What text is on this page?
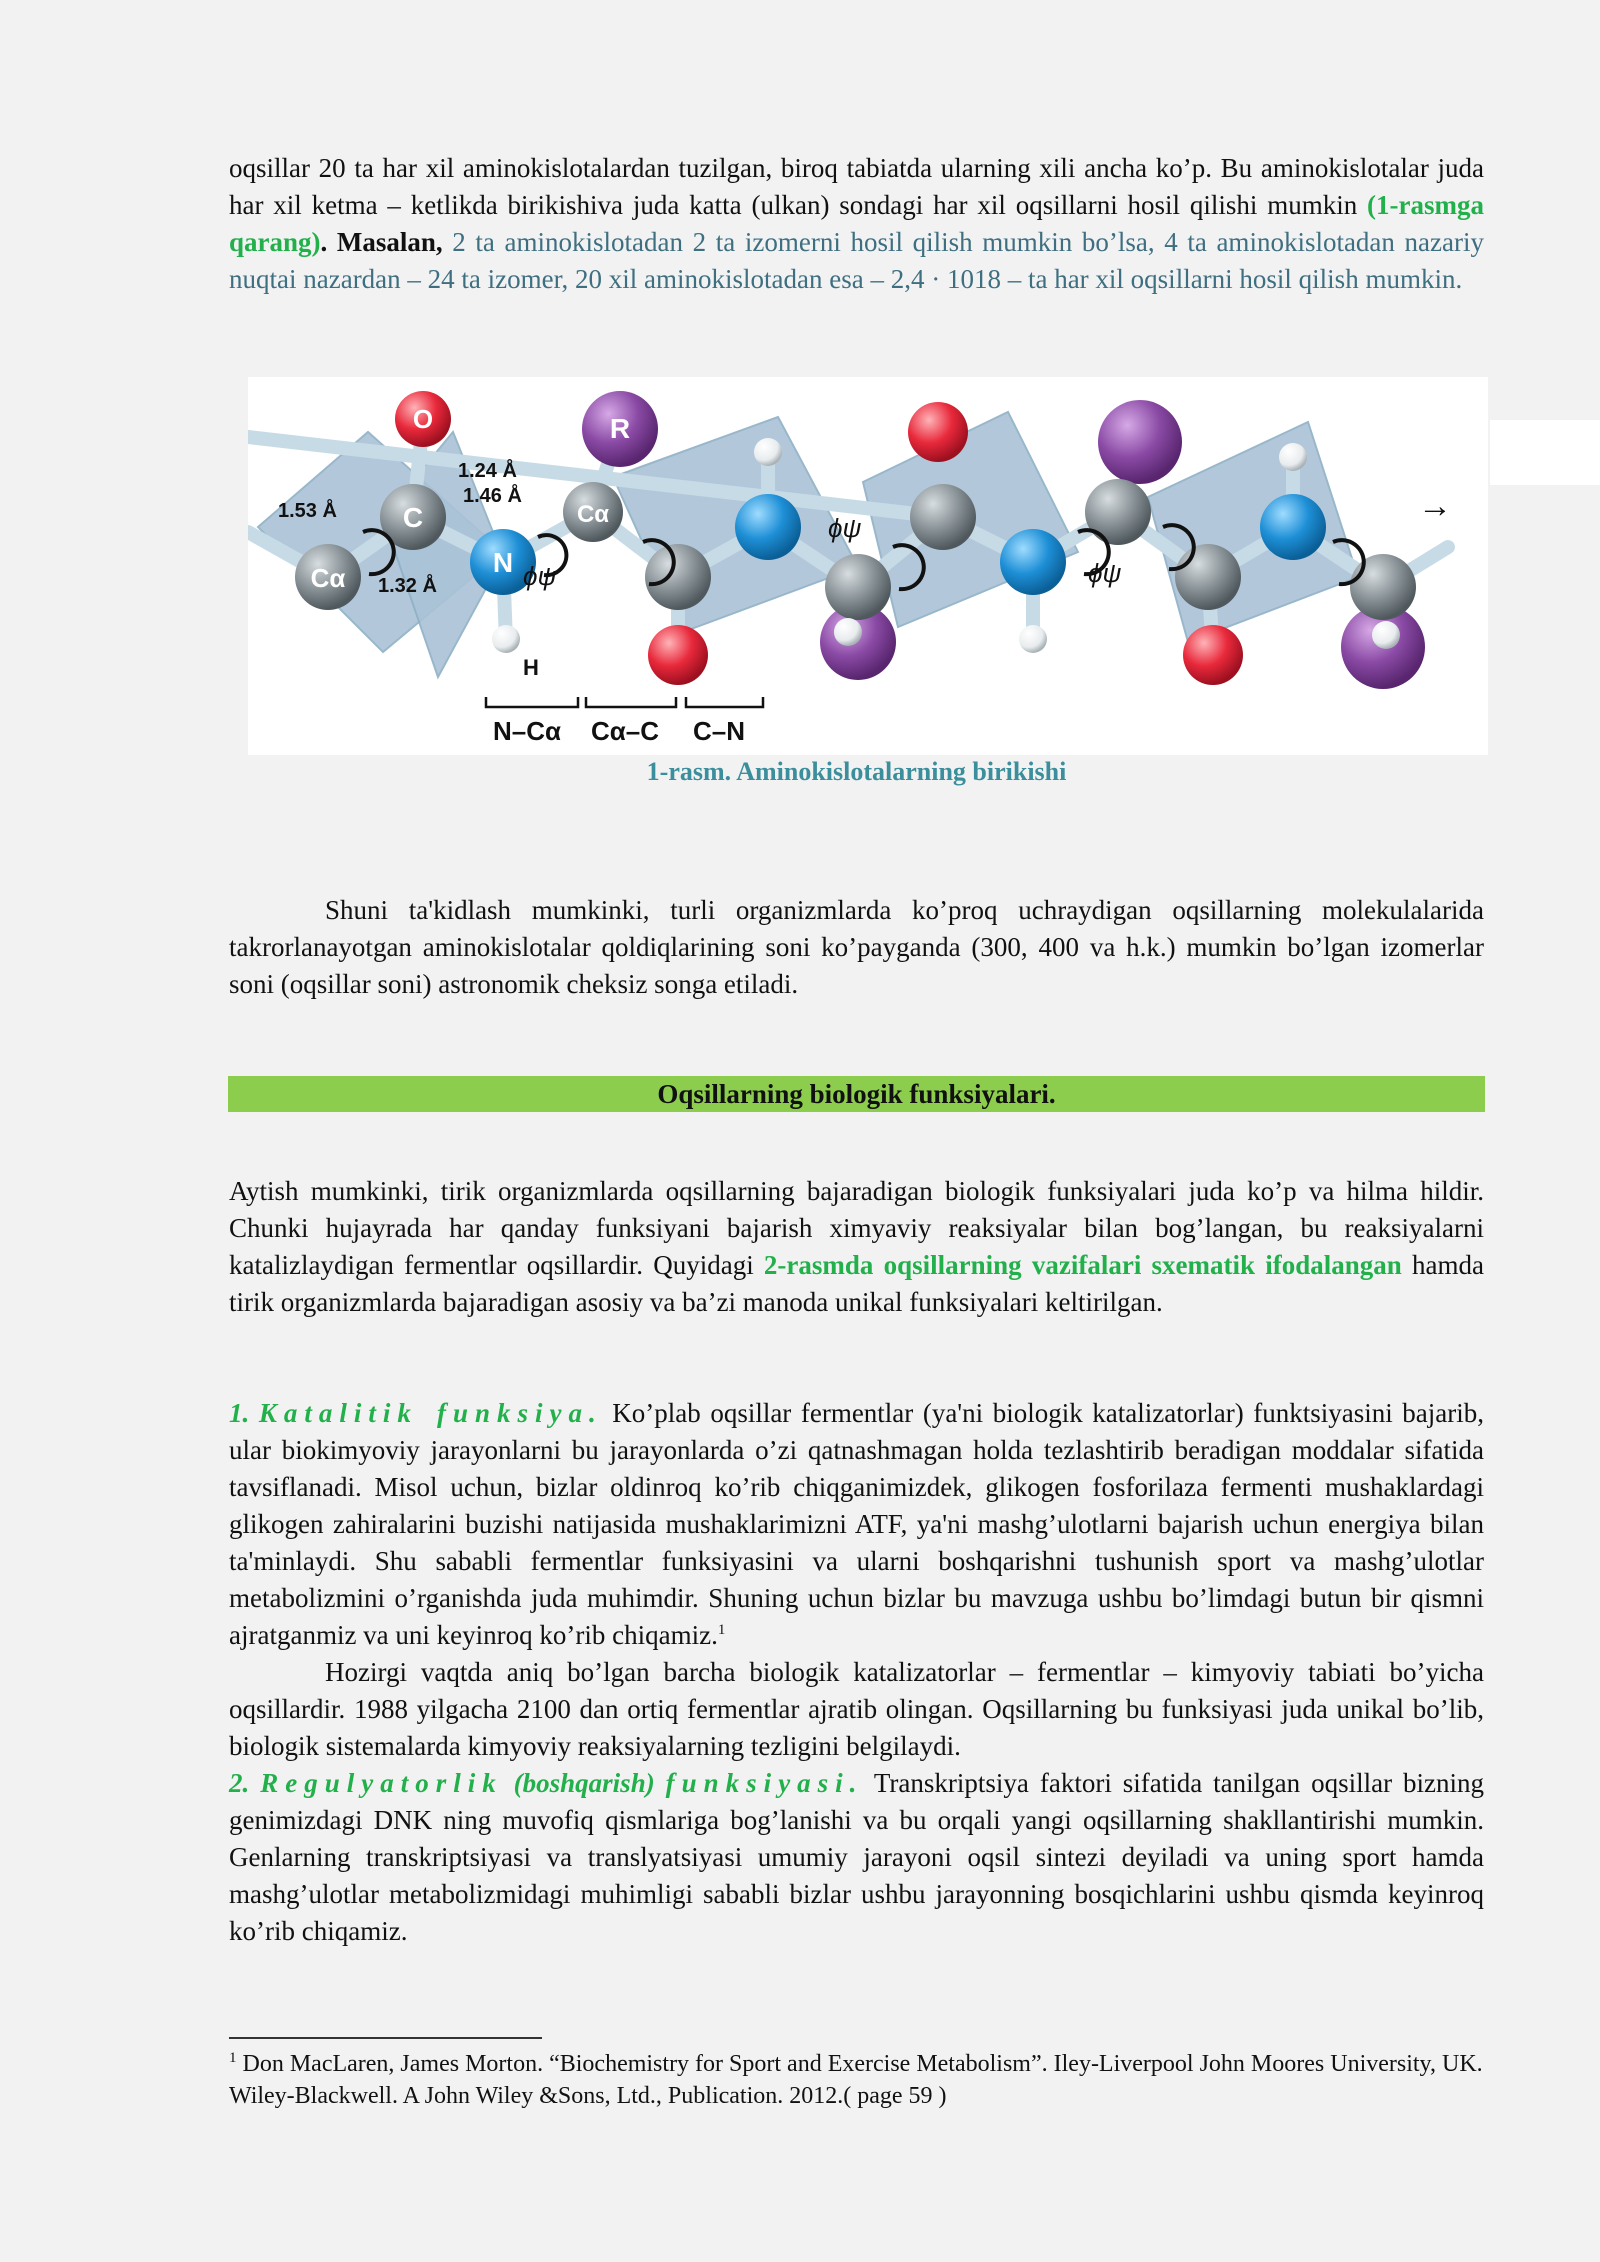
oqsillar 20 ta har xil aminokislotalardan tuzilgan, biroq tabiatda ularning xili ancha ko’p. Bu aminokislotalar juda har xil ketma – ketlikda birikishiva juda katta (ulkan) sondagi har xil oqsillarni hosil qilishi mumkin (1-rasmga qarang). Masalan, 2 ta aminokislotadan 2 ta izomerni hosil qilish mumkin bo’lsa, 4 ta aminokislotadan nazariy nuqtai nazardan – 24 ta izomer, 20 xil aminokislotadan esa – 2,4 · 1018 – ta har xil oqsillarni hosil qilish mumkin.

O	R
C
N
Cα
Cα
1.53 Å
1.24 Å
1.46 Å
1.32 Å	ϕψ
ϕψ
ϕψ
H
→
N–Cα Cα–C C–N
1-rasm. Aminokislotalarning birikishi

Shuni ta'kidlash mumkinki, turli organizmlarda ko’proq uchraydigan oqsillarning molekulalarida takrorlanayotgan aminokislotalar qoldiqlarining soni ko’payganda (300, 400 va h.k.) mumkin bo’lgan izomerlar soni (oqsillar soni) astronomik cheksiz songa etiladi.

Oqsillarning biologik funksiyalari.

Aytish mumkinki, tirik organizmlarda oqsillarning bajaradigan biologik funksiyalari juda ko’p va hilma hildir. Chunki hujayrada har qanday funksiyani bajarish ximyaviy reaksiyalar bilan bog’langan, bu reaksiyalarni katalizlaydigan fermentlar oqsillardir. Quyidagi 2-rasmda oqsillarning vazifalari sxematik ifodalangan hamda tirik organizmlarda bajaradigan asosiy va ba’zi manoda unikal funksiyalari keltirilgan.

1. Katalitik funksiya. Ko’plab oqsillar fermentlar (ya'ni biologik katalizatorlar) funktsiyasini bajarib, ular biokimyoviy jarayonlarni bu jarayonlarda o’zi qatnashmagan holda tezlashtirib beradigan moddalar sifatida tavsiflanadi. Misol uchun, bizlar oldinroq ko’rib chiqganimizdek, glikogen fosforilaza fermenti mushaklardagi glikogen zahiralarini buzishi natijasida mushaklarimizni ATF, ya'ni mashg’ulotlarni bajarish uchun energiya bilan ta'minlaydi. Shu sababli fermentlar funksiyasini va ularni boshqarishni tushunish sport va mashg’ulotlar metabolizmini o’rganishda juda muhimdir. Shuning uchun bizlar bu mavzuga ushbu bo’limdagi butun bir qismni ajratganmiz va uni keyinroq ko’rib chiqamiz.$^1$
Hozirgi vaqtda aniq bo’lgan barcha biologik katalizatorlar – fermentlar – kimyoviy tabiati bo’yicha oqsillardir. 1988 yilgacha 2100 dan ortiq fermentlar ajratib olingan. Oqsillarning bu funksiyasi juda unikal bo’lib, biologik sistemalarda kimyoviy reaksiyalarning tezligini belgilaydi.
2. Regulyatorlik (boshqarish) funksiyasi. Transkriptsiya faktori sifatida tanilgan oqsillar bizning genimizdagi DNK ning muvofiq qismlariga bog’lanishi va bu orqali yangi oqsillarning shakllantirishi mumkin. Genlarning transkriptsiyasi va translyatsiyasi umumiy jarayoni oqsil sintezi deyiladi va uning sport hamda mashg’ulotlar metabolizmidagi muhimligi sababli bizlar ushbu jarayonning bosqichlarini ushbu qismda keyinroq ko’rib chiqamiz.

$^1$ Don MacLaren, James Morton. “Biochemistry for Sport and Exercise Metabolism”. Iley-Liverpool John Moores University, UK. Wiley-Blackwell. A John Wiley &Sons, Ltd., Publication. 2012.( page 59 )
